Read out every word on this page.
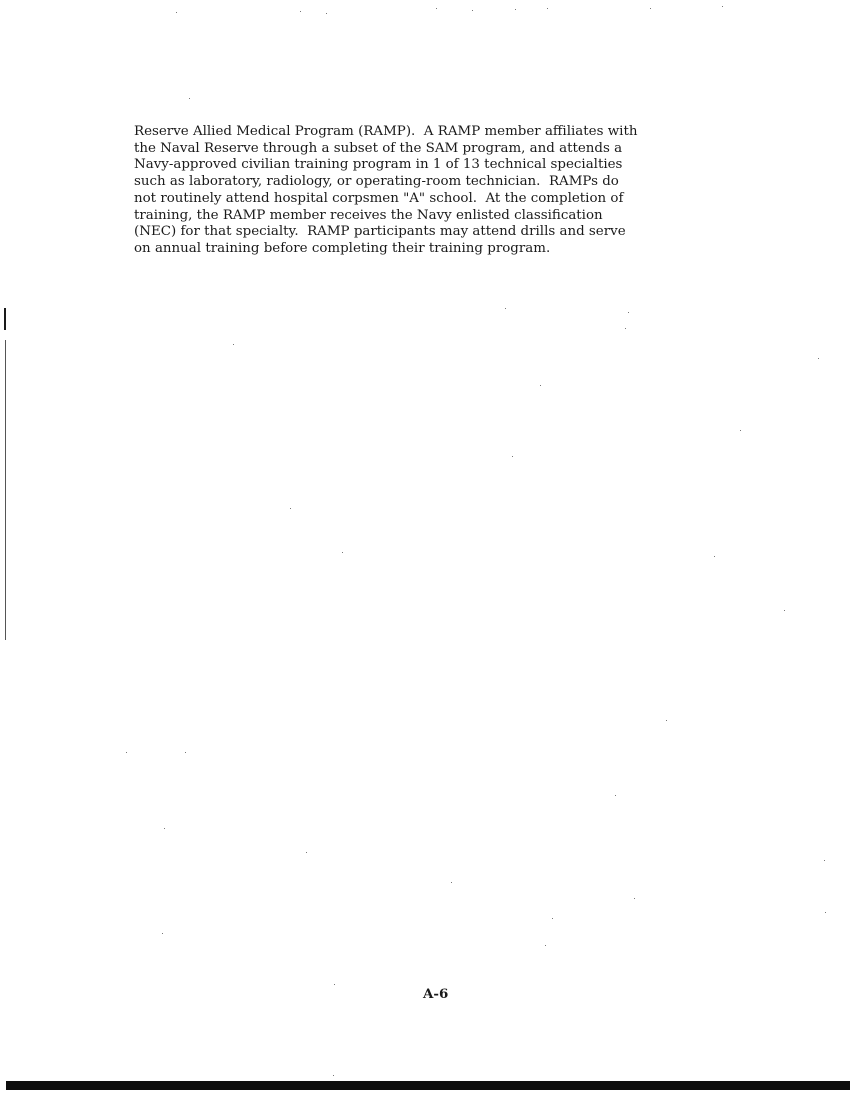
Reserve Allied Medical Program (RAMP).  A RAMP member affiliates with
the Naval Reserve through a subset of the SAM program, and attends a
Navy-approved civilian training program in 1 of 13 technical specialties
such as laboratory, radiology, or operating-room technician.  RAMPs do
not routinely attend hospital corpsmen "A" school.  At the completion of
training, the RAMP member receives the Navy enlisted classification
(NEC) for that specialty.  RAMP participants may attend drills and serve
on annual training before completing their training program.

A-6
